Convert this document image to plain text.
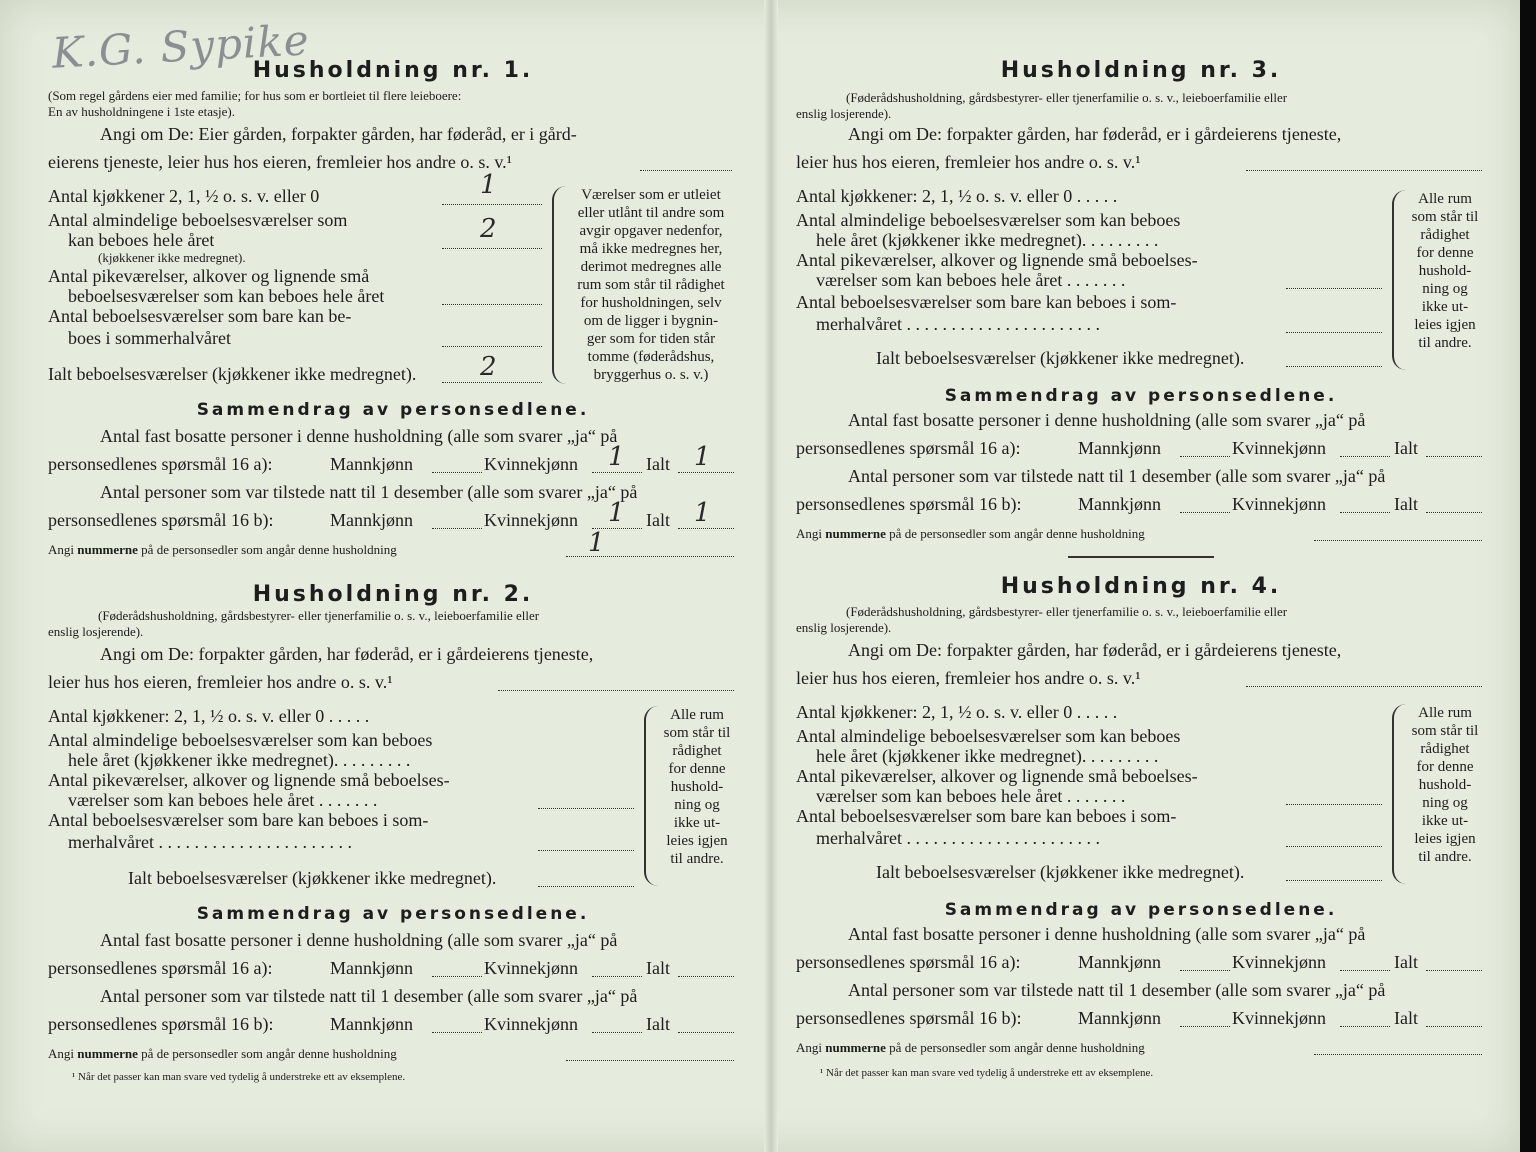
K.G. Sypike
Husholdning nr. 1.
(Som regel gårdens eier med familie; for hus som er bortleiet til flere leieboere:
En av husholdningene i 1ste etasje).
Angi om De: Eier gården, forpakter gården, har føderåd, er i gård-
eierens tjeneste, leier hus hos eieren, fremleier hos andre o. s. v.¹
Antal kjøkkener 2, 1, ½ o. s. v. eller 0	1
Antal almindelige beboelsesværelser som
kan beboes hele året	2
(kjøkkener ikke medregnet).
Antal pikeværelser, alkover og lignende små
beboelsesværelser som kan beboes hele året
Antal beboelsesværelser som bare kan be-
boes i sommerhalvåret
Ialt beboelsesværelser (kjøkkener ikke medregnet). 2
Værelser som er utleiet
eller utlånt til andre som
avgir opgaver nedenfor,
må ikke medregnes her,
derimot medregnes alle
rum som står til rådighet
for husholdningen, selv
om de ligger i bygnin-
ger som for tiden står
tomme (føderådshus,
bryggerhus o. s. v.)
Sammendrag av personsedlene.
Antal fast bosatte personer i denne husholdning (alle som svarer „ja“ på
personsedlenes spørsmål 16 a):	Mannkjønn	Kvinnekjønn 1 Ialt 1
Antal personer som var tilstede natt til 1 desember (alle som svarer „ja“ på
personsedlenes spørsmål 16 b):	Mannkjønn	Kvinnekjønn 1 Ialt 1
Angi nummerne på de personsedler som angår denne husholdning	1
Husholdning nr. 2.
(Føderådshusholdning, gårdsbestyrer- eller tjenerfamilie o. s. v., leieboerfamilie eller
enslig losjerende).
Angi om De: forpakter gården, har føderåd, er i gårdeierens tjeneste,
leier hus hos eieren, fremleier hos andre o. s. v.¹
Antal kjøkkener: 2, 1, ½ o. s. v. eller 0 . . . . .
Antal almindelige beboelsesværelser som kan beboes
hele året (kjøkkener ikke medregnet). . . . . . . . .
Antal pikeværelser, alkover og lignende små beboelses-
værelser som kan beboes hele året . . . . . . .
Antal beboelsesværelser som bare kan beboes i som-
merhalvåret . . . . . . . . . . . . . . . . . . . . . .
Ialt beboelsesværelser (kjøkkener ikke medregnet).
Alle rum
som står til
rådighet
for denne
hushold-
ning og
ikke ut-
leies igjen
til andre.
Sammendrag av personsedlene.
Antal fast bosatte personer i denne husholdning (alle som svarer „ja“ på
personsedlenes spørsmål 16 a):	Mannkjønn	Kvinnekjønn	Ialt
Antal personer som var tilstede natt til 1 desember (alle som svarer „ja“ på
personsedlenes spørsmål 16 b):	Mannkjønn	Kvinnekjønn	Ialt
Angi nummerne på de personsedler som angår denne husholdning
¹ Når det passer kan man svare ved tydelig å understreke ett av eksemplene.
Husholdning nr. 3.
(Føderådshusholdning, gårdsbestyrer- eller tjenerfamilie o. s. v., leieboerfamilie eller
enslig losjerende).
Angi om De: forpakter gården, har føderåd, er i gårdeierens tjeneste,
leier hus hos eieren, fremleier hos andre o. s. v.¹
Antal kjøkkener: 2, 1, ½ o. s. v. eller 0 . . . . .
Antal almindelige beboelsesværelser som kan beboes
hele året (kjøkkener ikke medregnet). . . . . . . . .
Antal pikeværelser, alkover og lignende små beboelses-
værelser som kan beboes hele året . . . . . . .
Antal beboelsesværelser som bare kan beboes i som-
merhalvåret . . . . . . . . . . . . . . . . . . . . . .
Ialt beboelsesværelser (kjøkkener ikke medregnet).
Alle rum
som står til
rådighet
for denne
hushold-
ning og
ikke ut-
leies igjen
til andre.
Sammendrag av personsedlene.
Antal fast bosatte personer i denne husholdning (alle som svarer „ja“ på
personsedlenes spørsmål 16 a):	Mannkjønn	Kvinnekjønn	Ialt
Antal personer som var tilstede natt til 1 desember (alle som svarer „ja“ på
personsedlenes spørsmål 16 b):	Mannkjønn	Kvinnekjønn	Ialt
Angi nummerne på de personsedler som angår denne husholdning
Husholdning nr. 4.
(Føderådshusholdning, gårdsbestyrer- eller tjenerfamilie o. s. v., leieboerfamilie eller
enslig losjerende).
Angi om De: forpakter gården, har føderåd, er i gårdeierens tjeneste,
leier hus hos eieren, fremleier hos andre o. s. v.¹
Antal kjøkkener: 2, 1, ½ o. s. v. eller 0 . . . . .
Antal almindelige beboelsesværelser som kan beboes
hele året (kjøkkener ikke medregnet). . . . . . . . .
Antal pikeværelser, alkover og lignende små beboelses-
værelser som kan beboes hele året . . . . . . .
Antal beboelsesværelser som bare kan beboes i som-
merhalvåret . . . . . . . . . . . . . . . . . . . . . .
Ialt beboelsesværelser (kjøkkener ikke medregnet).
Alle rum
som står til
rådighet
for denne
hushold-
ning og
ikke ut-
leies igjen
til andre.
Sammendrag av personsedlene.
Antal fast bosatte personer i denne husholdning (alle som svarer „ja“ på
personsedlenes spørsmål 16 a):	Mannkjønn	Kvinnekjønn	Ialt
Antal personer som var tilstede natt til 1 desember (alle som svarer „ja“ på
personsedlenes spørsmål 16 b):	Mannkjønn	Kvinnekjønn	Ialt
Angi nummerne på de personsedler som angår denne husholdning
¹ Når det passer kan man svare ved tydelig å understreke ett av eksemplene.
